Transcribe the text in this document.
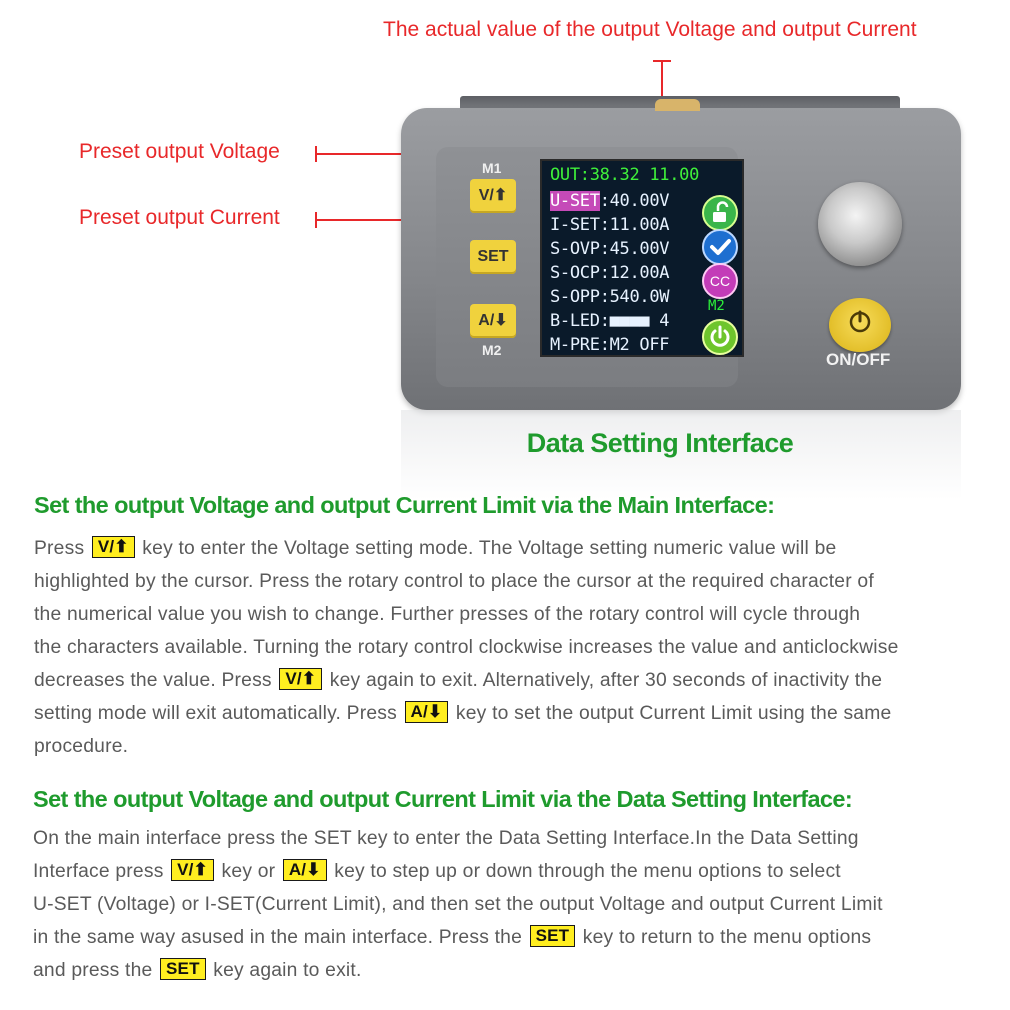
The actual value of the output Voltage and output Current
Preset output Voltage
Preset output Current
M1
V/⬆
SET
A/⬇
M2
OUT:38.32 11.00
U-SET:40.00V
I-SET:11.00A
S-OVP:45.00V
S-OCP:12.00A
S-OPP:540.0W
B-LED:■■■■ 4
M-PRE:M2 OFF
CC
M2
ON/OFF
Data Setting Interface
Set the output Voltage and output Current Limit via the Main Interface:
Press V/⬆ key to enter the Voltage setting mode. The Voltage setting numeric value will be
highlighted by the cursor. Press the rotary control to place the cursor at the required character of
the numerical value you wish to change. Further presses of the rotary control will cycle through
the characters available. Turning the rotary control clockwise increases the value and anticlockwise
decreases the value. Press V/⬆ key again to exit. Alternatively, after 30 seconds of inactivity the
setting mode will exit automatically. Press A/⬇ key to set the output Current Limit using the same
procedure.
Set the output Voltage and output Current Limit via the Data Setting Interface:
On the main interface press the SET key to enter the Data Setting Interface.In the Data Setting
Interface press V/⬆ key or A/⬇ key to step up or down through the menu options to select
U-SET (Voltage) or I-SET(Current Limit), and then set the output Voltage and output Current Limit
in the same way asused in the main interface. Press the SET key to return to the menu options
and press the SET key again to exit.
